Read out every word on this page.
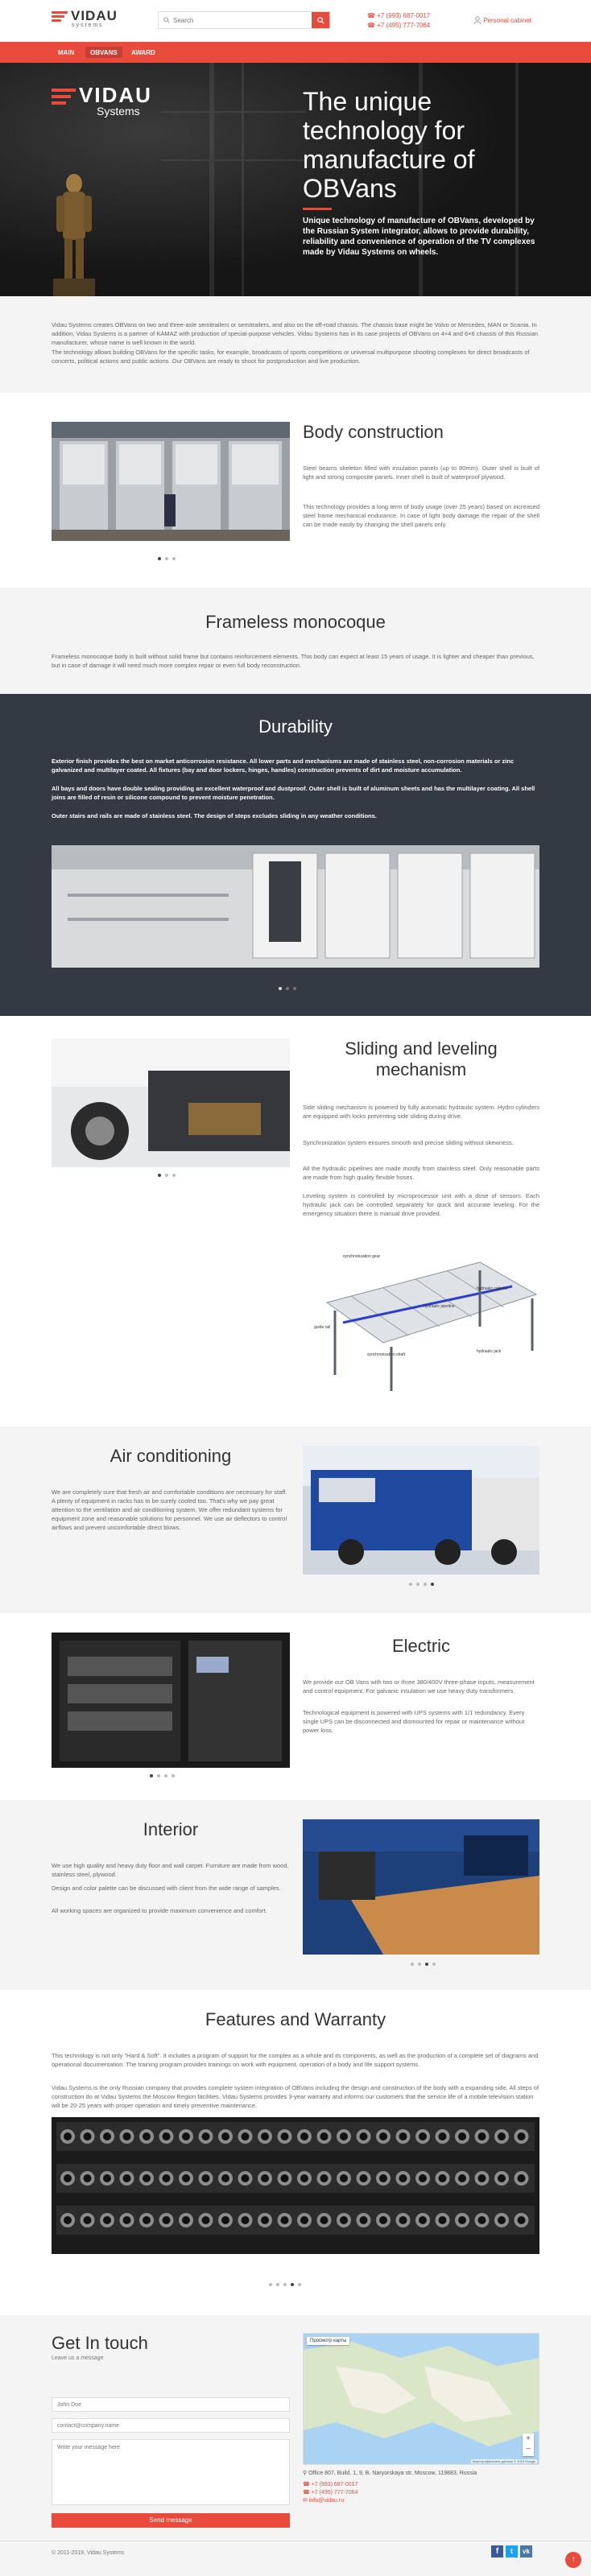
VIDAU
systems
Search
☎ +7 (993) 687-0017
☎ +7 (495) 777-7064
Personal cabinet
MAIN	OBVANS	AWARD
VIDAU
Systems	The unique technology for manufacture of OBVans
Unique technology of manufacture of OBVans, developed by the Russian System integrator, allows to provide durability, reliability and convenience of operation of the TV complexes made by Vidau Systems on wheels.

Vidau Systems creates OBVans on two and three-axle semitrailers or semitrailers, and also on the off-road chassis. The chassis base might be Volvo or Mercedes, MAN or Scania. In addition, Vidau Systems is a partner of KAMAZ with production of special-purpose vehicles. Vidau Systems has in its case projects of OBVans on 4×4 and 6×6 chassis of this Russian manufacturer, whose name is well known in the world.

The technology allows building OBVans for the specific tasks, for example, broadcasts of sports competitions or universal multipurpose shooting complexes for direct broadcasts of concerts, political actions and public actions. Our OBVans are ready to shoot for postproduction and live production.

Body construction

Steel beams skeleton filled with insulation panels (up to 80mm). Outer shell is built of light and strong composite panels. Inner shell is built of waterproof plywood.

This technology provides a long term of body usage (over 25 years) based on increased steel frame mechanical endurance. In case of light body damage the repair of the shell can be made easily by changing the shell panels only.

Frameless monocoque

Frameless monocoque body is built without solid frame but contains reinforcement elements. This body can expect at least 15 years of usage. It is lighter and cheaper than previous, but in case of damage it will need much more complex repair or even full body reconstruction.

Durability

Exterior finish provides the best on market anticorrosion resistance. All lower parts and mechanisms are made of stainless steel, non-corrosion materials or zinc galvanized and multilayer coated. All fixtures (bay and door lockers, hinges, handles) construction prevents of dirt and moisture accumulation.

All bays and doors have double sealing providing an excellent waterproof and dustproof. Outer shell is built of aluminum sheets and has the multilayer coating. All shell joins are filled of resin or silicone compound to prevent moisture penetration.

Outer stairs and rails are made of stainless steel. The design of steps excludes sliding in any weather conditions.

Sliding and leveling mechanism

Side sliding mechanism is powered by fully automatic hydraulic system. Hydro cylinders are equipped with locks preventing side sliding during drive.

Synchronization system ensures smooth and precise sliding without skewness.

All the hydraulic pipelines are made mostly from stainless steel. Only reasonable parts are made from high quality flexible hoses.

Leveling system is controlled by microprocessor unit with a dose of sensors. Each hydraulic jack can be controlled separately for quick and accurate leveling. For the emergency situation there is manual drive provided.

synchronization gear
hydraulic pipeline
guide rail
synchronization shaft
hydraulic cylinder
hydraulic jack
Air conditioning

We are completely sure that fresh air and comfortable conditions are necessary for staff. A plenty of equipment in racks has to be surely cooled too. That's why we pay great attention to the ventilation and air conditioning system. We offer redundant systems for equipment zone and reasonable solutions for personnel. We use air deflectors to control airflows and prevent uncomfortable direct blows.

Electric

We provide our OB Vans with two or three 380/400V three-phase inputs, measurement and control equipment. For galvanic insulation we use heavy duty transformers.

Technological equipment is powered with UPS systems with 1/1 redundancy. Every single UPS can be disconnected and dismounted for repair or maintenance without power loss.

Interior

We use high quality and heavy duty floor and wall carpet. Furniture are made from wood, stainless steel, plywood.

Design and color palette can be discussed with client from the wide range of samples.

All working spaces are organized to provide maximum convenience and comfort.

Features and Warranty

This technology is not only "Hard & Soft". It includes a program of support for the complex as a whole and its components, as well as the production of a complete set of diagrams and operational documentation. The training program provides trainings on work with equipment, operation of a body and life support systems.

Vidau Systems is the only Russian company that provides complete system integration of OBVans including the design and construction of the body with a expanding side. All steps of construction do at Vidau Systems the Moscow Region facilities. Vidau Systems provides 3-year warranty and informs our customers that the service life of a mobile television station will be 20-25 years with proper operation and timely preventive maintenance.

Get In touch
Leave us a message
John Doe
contact@company.name
Write your message here
Send message
Просмотр карты
+
−
Картографические данные © 2019 Google
⚲ Office 807, Build. 1, 9, B. Naryorskaya str, Moscow, 119883, Russia
☎ +7 (993) 687-0017
☎ +7 (495) 777-7064
✉ info@vidau.ru
© 2011-2019, Vidau Systems	f	t	vk
↑
